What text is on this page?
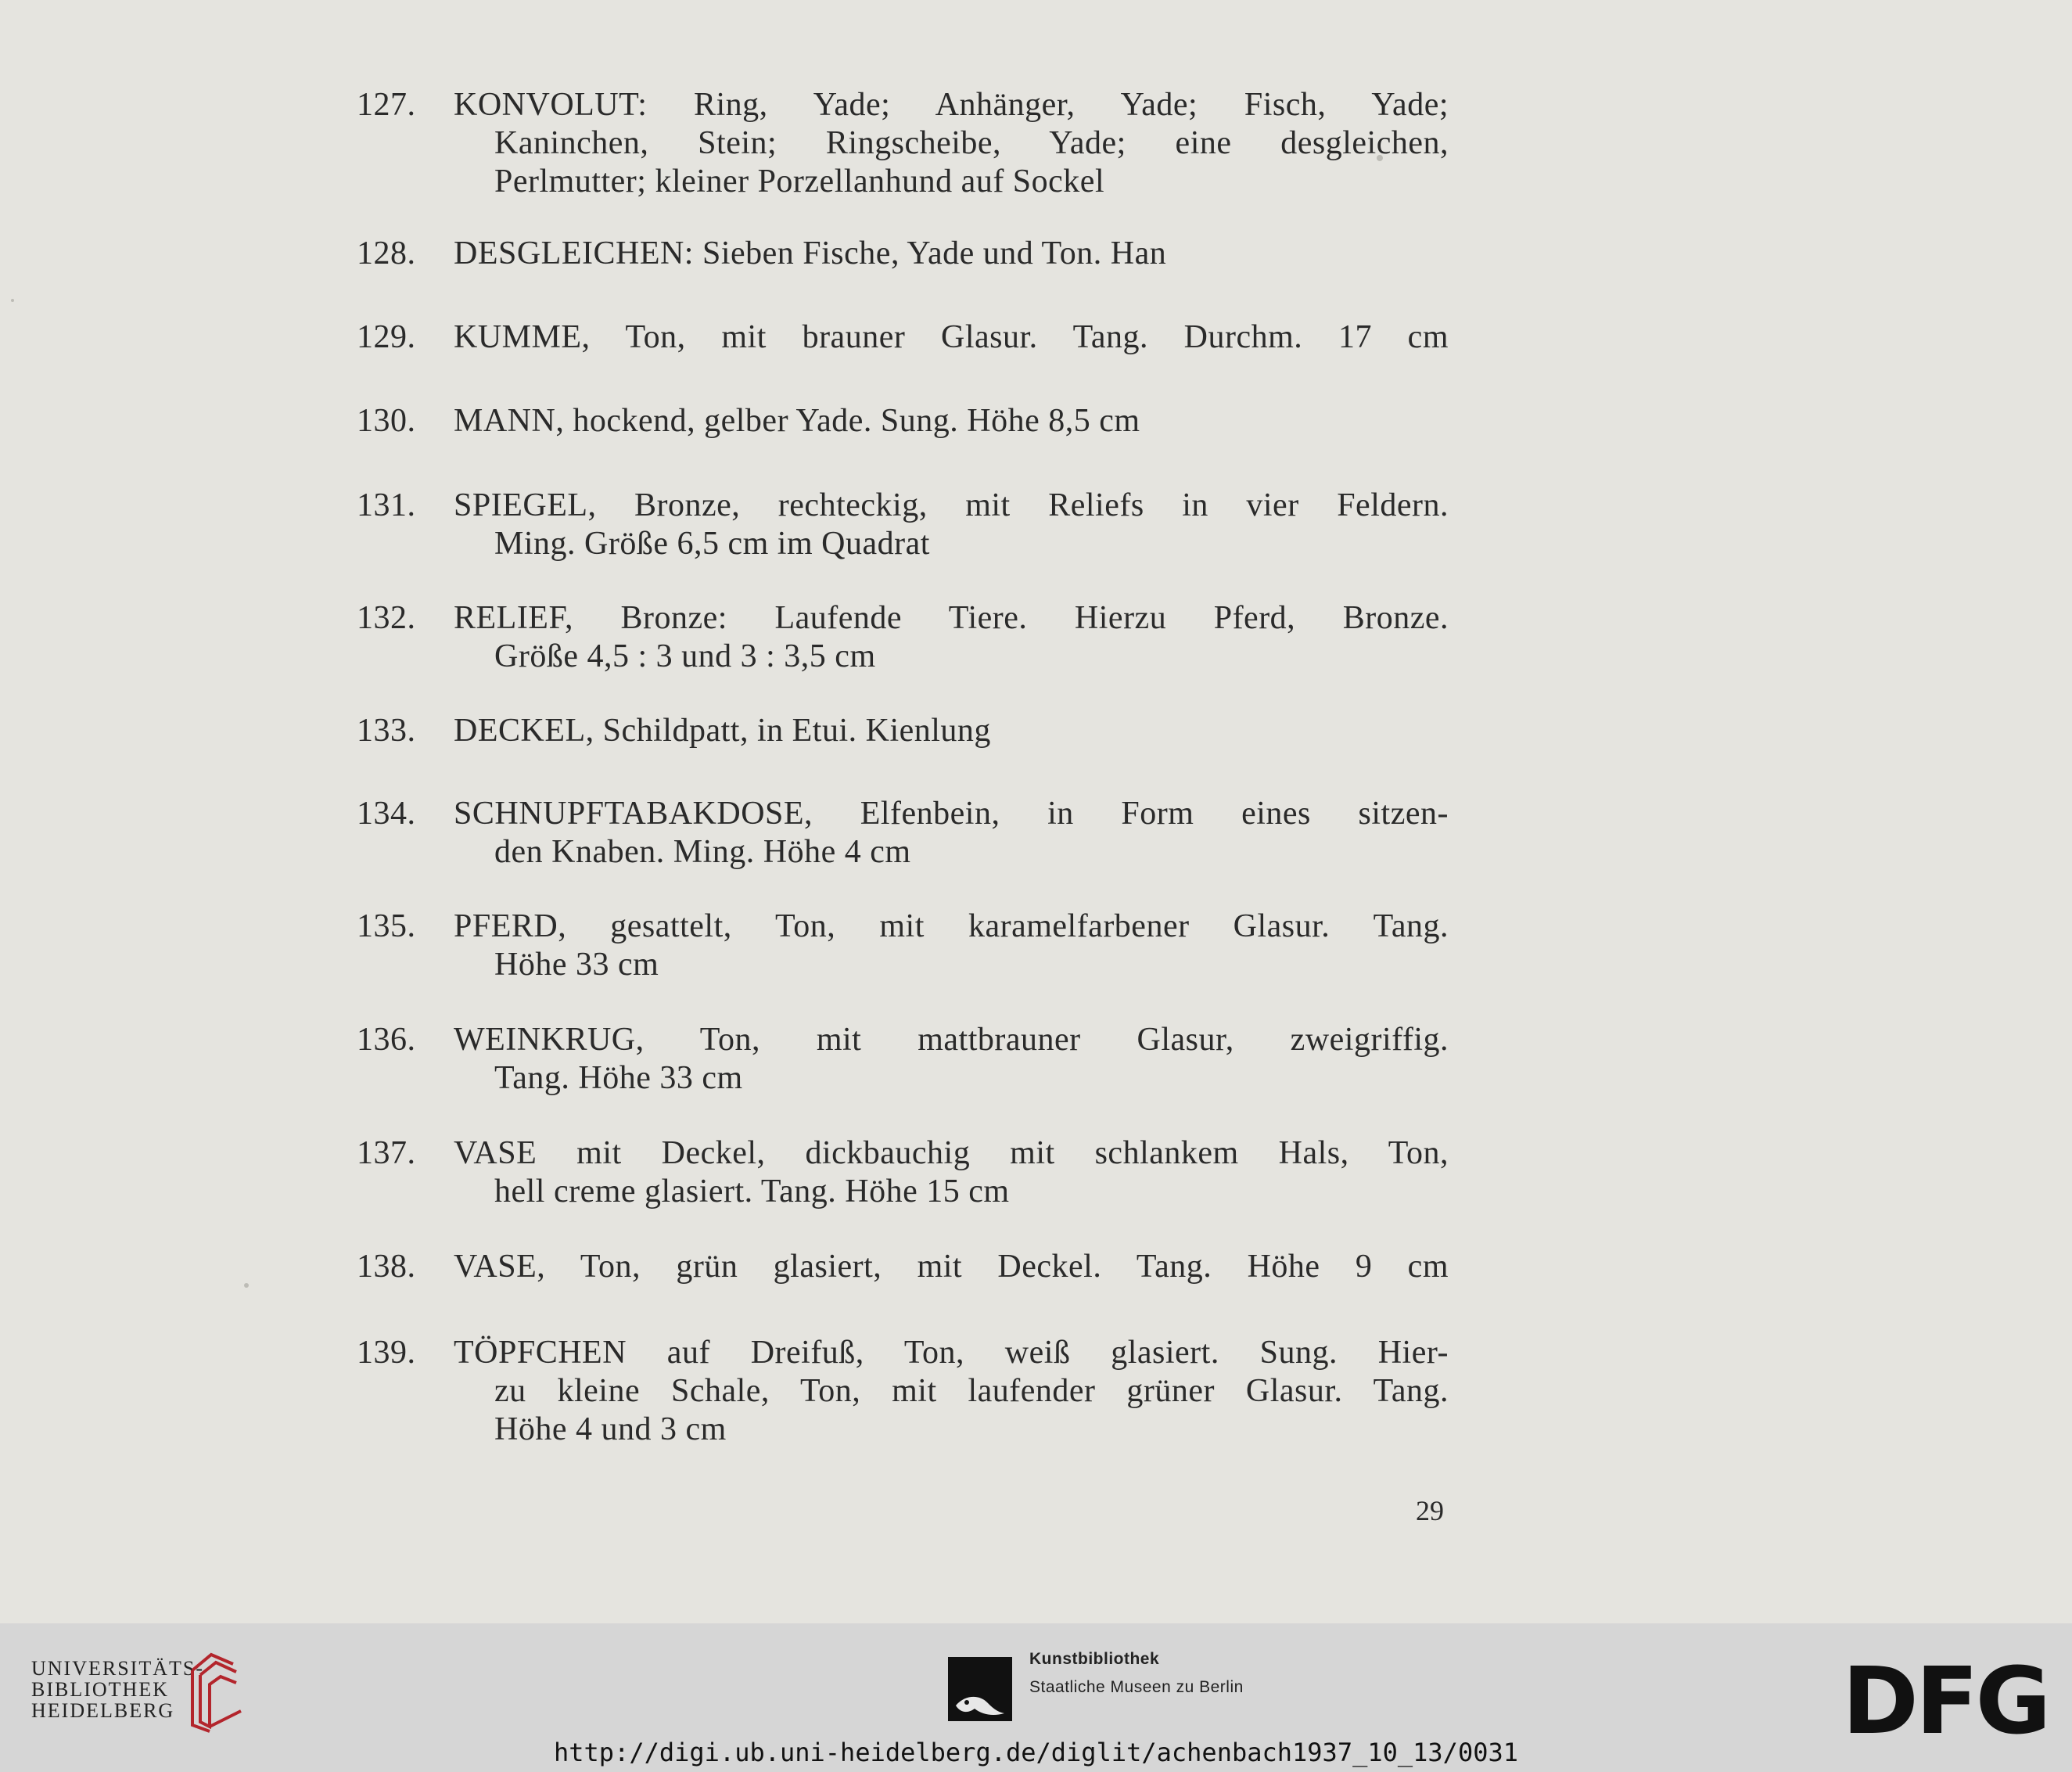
127. KONVOLUT: Ring, Yade; Anhänger, Yade; Fisch, Yade;
Kaninchen, Stein; Ringscheibe, Yade; eine desgleichen,
Perlmutter; kleiner Porzellanhund auf Sockel
128. DESGLEICHEN: Sieben Fische, Yade und Ton. Han
129. KUMME, Ton, mit brauner Glasur. Tang. Durchm. 17 cm
130. MANN, hockend, gelber Yade. Sung. Höhe 8,5 cm
131. SPIEGEL, Bronze, rechteckig, mit Reliefs in vier Feldern.
Ming. Größe 6,5 cm im Quadrat
132. RELIEF, Bronze: Laufende Tiere. Hierzu Pferd, Bronze.
Größe 4,5 : 3 und 3 : 3,5 cm
133. DECKEL, Schildpatt, in Etui. Kienlung
134. SCHNUPFTABAKDOSE, Elfenbein, in Form eines sitzen-
den Knaben. Ming. Höhe 4 cm
135. PFERD, gesattelt, Ton, mit karamelfarbener Glasur. Tang.
Höhe 33 cm
136. WEINKRUG, Ton, mit mattbrauner Glasur, zweigriffig.
Tang. Höhe 33 cm
137. VASE mit Deckel, dickbauchig mit schlankem Hals, Ton,
hell creme glasiert. Tang. Höhe 15 cm
138. VASE, Ton, grün glasiert, mit Deckel. Tang. Höhe 9 cm
139. TÖPFCHEN auf Dreifuß, Ton, weiß glasiert. Sung. Hier-
zu kleine Schale, Ton, mit laufender grüner Glasur. Tang.
Höhe 4 und 3 cm
29
UNIVERSITÄTS-
BIBLIOTHEK
HEIDELBERG
Kunstbibliothek
Staatliche Museen zu Berlin	DFG
http://digi.ub.uni-heidelberg.de/diglit/achenbach1937_10_13/0031
